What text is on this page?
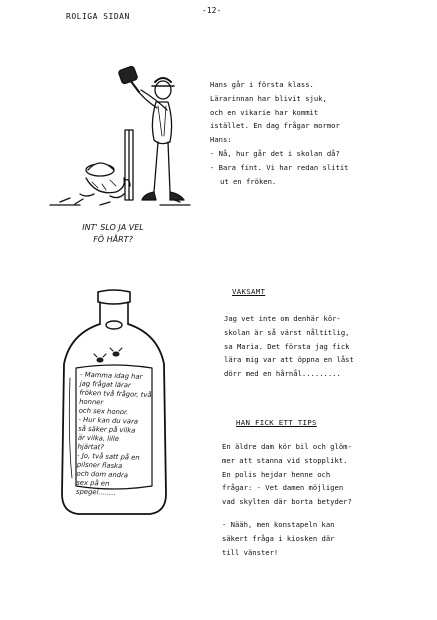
ROLIGA SIDAN
-12-
INT' SLO JA VEL
FÖ HÅRT?
Hans går i första klass.
Lärarinnan har blivit sjuk,
och en vikarie har kommit
istället. En dag frågar mormor
Hans:
- Nå, hur går det i skolan då?
- Bara fint. Vi har redan slitit
ut en fröken.
- Mamma idag har
jag frågat lärar
fröken två frågor, två honner
och sex honor.
- Hur kan du vara
så säker på vilka
är vilka, lille
hjärtat?
- Jo, två satt på en
pilsner flaska
och dom andra
sex på en
spegel........
VAKSAMT
Jag vet inte om denhär kör-
skolan är så värst nåltitlig,
sa Maria. Det första jag fick
lära mig var att öppna en låst
dörr med en hårnål.........
HAN FICK ETT TIPS

En äldre dam kör bil och glöm-
mer att stanna vid stopplikt.
En polis hejdar henne och
frågar: - Vet damen möjligen
vad skylten där borta betyder?

- Nääh, men konstapeln kan
säkert fråga i kiosken där
till vänster!
